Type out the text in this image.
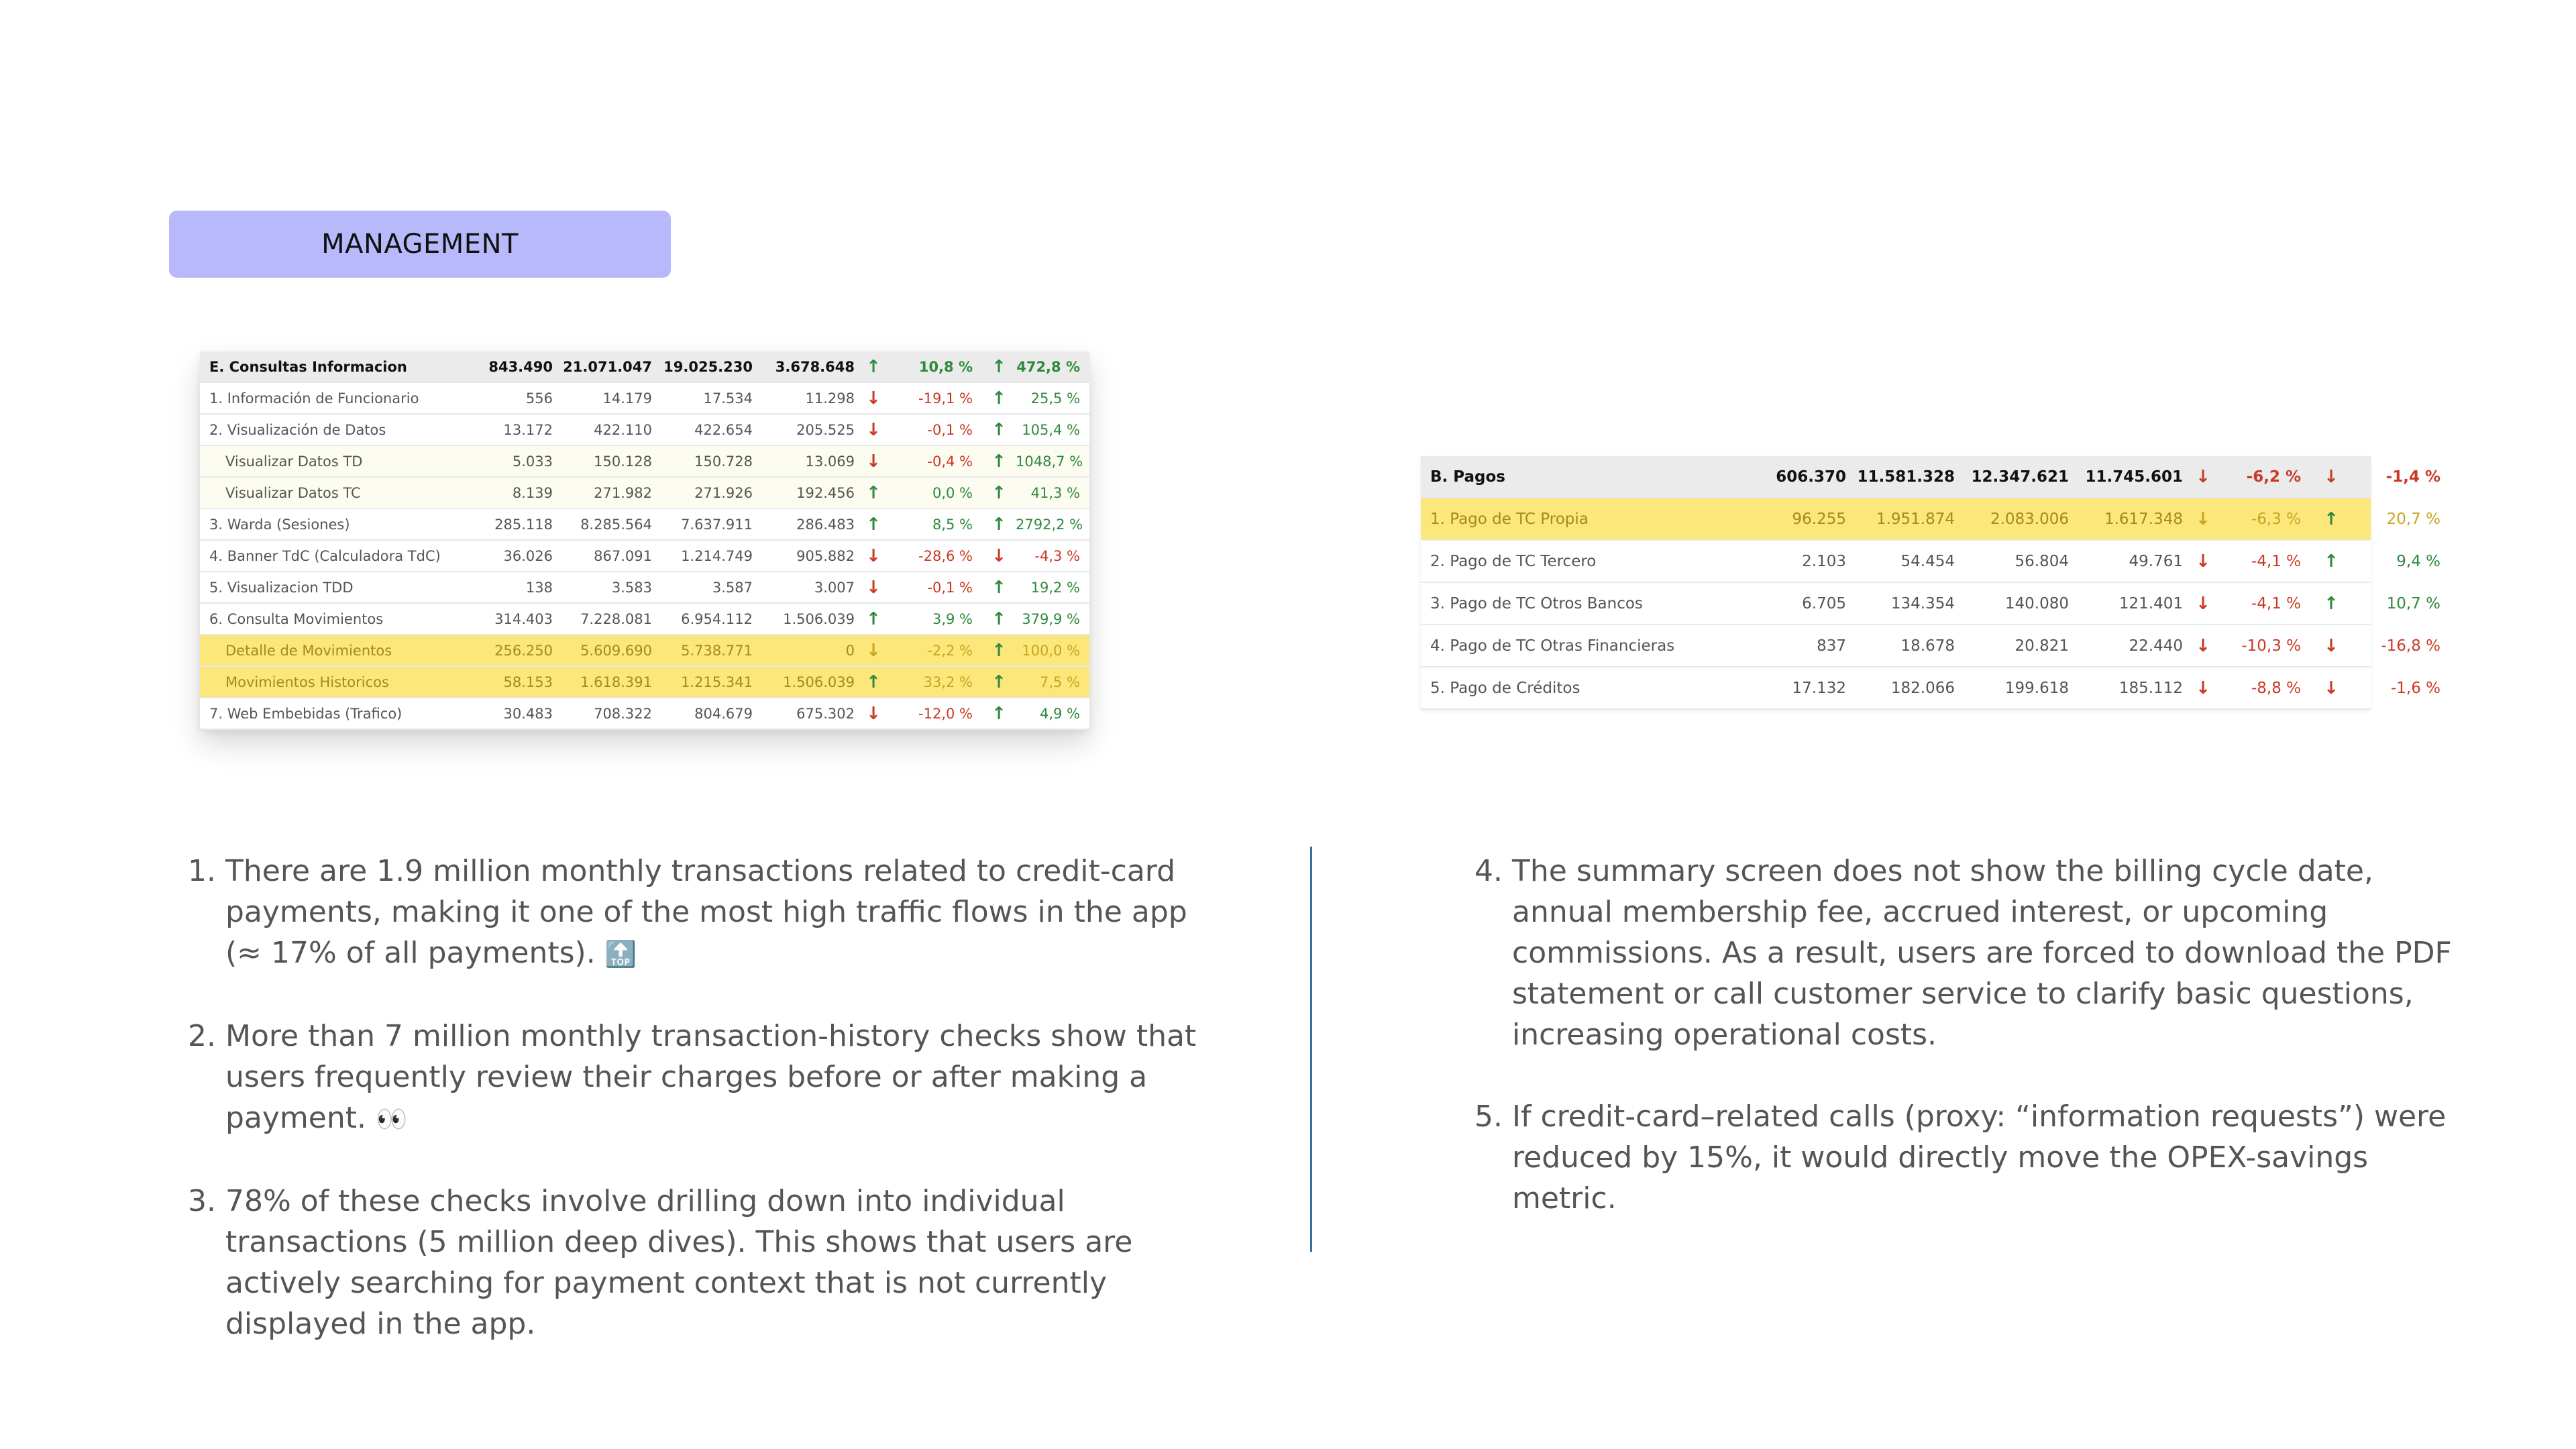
MANAGEMENT
E. Consultas Informacion	843.490 21.071.047 19.025.230	3.678.648 ↑	10,8 %	↑ 472,8 %
1. Información de Funcionario	556	14.179	17.534	11.298 ↓	-19,1 %	↑	25,5 %
2. Visualización de Datos	13.172	422.110	422.654	205.525 ↓	-0,1 %	↑	105,4 %
Visualizar Datos TD	5.033	150.128	150.728	13.069 ↓	-0,4 %	↑ 1048,7 %
Visualizar Datos TC	8.139	271.982	271.926	192.456 ↑	0,0 %	↑	41,3 %
3. Warda (Sesiones)	285.118	8.285.564	7.637.911	286.483 ↑	8,5 %	↑ 2792,2 %
4. Banner TdC (Calculadora TdC)	36.026	867.091	1.214.749	905.882 ↓	-28,6 %	↓	-4,3 %
5. Visualizacion TDD	138	3.583	3.587	3.007 ↓	-0,1 %	↑	19,2 %
6. Consulta Movimientos	314.403	7.228.081	6.954.112	1.506.039 ↑	3,9 %	↑	379,9 %
Detalle de Movimientos	256.250	5.609.690	5.738.771	0 ↓	-2,2 %	↑	100,0 %
Movimientos Historicos	58.153	1.618.391	1.215.341	1.506.039 ↑	33,2 %	↑	7,5 %
7. Web Embebidas (Trafico)	30.483	708.322	804.679	675.302 ↓	-12,0 %	↑	4,9 %
B. Pagos	606.370 11.581.328	12.347.621	11.745.601 ↓	-6,2 %	↓	-1,4 %
1. Pago de TC Propia	96.255	1.951.874	2.083.006	1.617.348 ↓	-6,3 %	↑	20,7 %
2. Pago de TC Tercero	2.103	54.454	56.804	49.761 ↓	-4,1 %	↑	9,4 %
3. Pago de TC Otros Bancos	6.705	134.354	140.080	121.401 ↓	-4,1 %	↑	10,7 %
4. Pago de TC Otras Financieras	837	18.678	20.821	22.440 ↓	-10,3 %	↓	-16,8 %
5. Pago de Créditos	17.132	182.066	199.618	185.112 ↓	-8,8 %	↓	-1,6 %
1. There are 1.9 million monthly transactions related to credit-card payments, making it one of the most high traffic flows in the app (≈ 17% of all payments). 🔝
2. More than 7 million monthly transaction-history checks show that users frequently review their charges before or after making a payment. 👀
3. 78% of these checks involve drilling down into individual transactions (5 million deep dives). This shows that users are actively searching for payment context that is not currently displayed in the app.
4. The summary screen does not show the billing cycle date, annual membership fee, accrued interest, or upcoming commissions. As a result, users are forced to download the PDF statement or call customer service to clarify basic questions, increasing operational costs.
5. If credit-card–related calls (proxy: “information requests”) were reduced by 15%, it would directly move the OPEX-savings metric.
